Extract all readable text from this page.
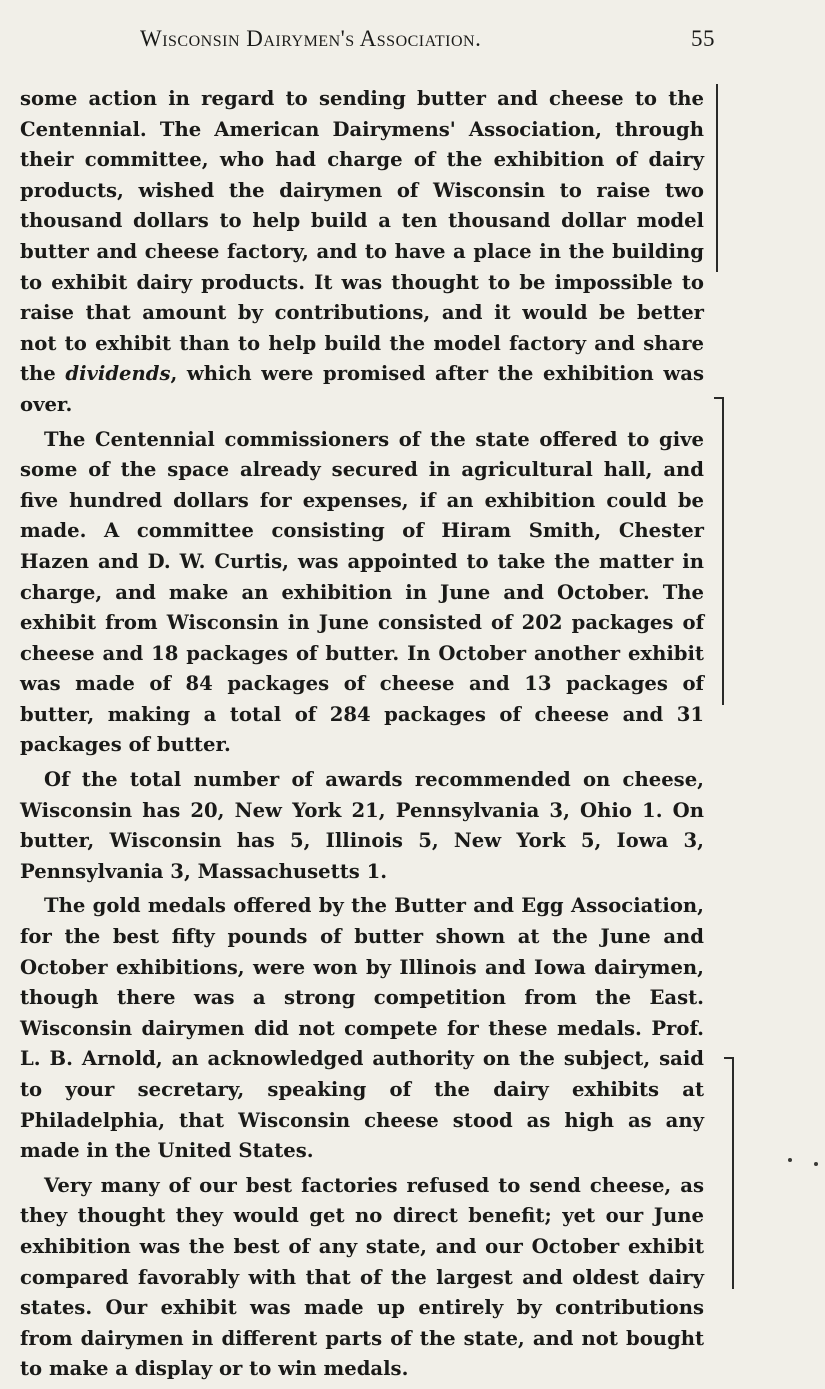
Wisconsin Dairymen's Association.	55

some action in regard to sending butter and cheese to the Centennial. The American Dairymens' Association, through their committee, who had charge of the exhibition of dairy products, wished the dairymen of Wisconsin to raise two thousand dollars to help build a ten thousand dollar model butter and cheese factory, and to have a place in the building to exhibit dairy products. It was thought to be impossible to raise that amount by contributions, and it would be better not to exhibit than to help build the model factory and share the dividends, which were promised after the exhibition was over.

The Centennial commissioners of the state offered to give some of the space already secured in agricultural hall, and five hundred dollars for expenses, if an exhibition could be made. A committee consisting of Hiram Smith, Chester Hazen and D. W. Curtis, was appointed to take the matter in charge, and make an exhibition in June and October. The exhibit from Wisconsin in June consisted of 202 packages of cheese and 18 packages of butter. In October another exhibit was made of 84 packages of cheese and 13 packages of butter, making a total of 284 packages of cheese and 31 packages of butter.

Of the total number of awards recommended on cheese, Wisconsin has 20, New York 21, Pennsylvania 3, Ohio 1. On butter, Wisconsin has 5, Illinois 5, New York 5, Iowa 3, Pennsylvania 3, Massachusetts 1.

The gold medals offered by the Butter and Egg Association, for the best fifty pounds of butter shown at the June and October exhibitions, were won by Illinois and Iowa dairymen, though there was a strong competition from the East. Wisconsin dairymen did not compete for these medals. Prof. L. B. Arnold, an acknowledged authority on the subject, said to your secretary, speaking of the dairy exhibits at Philadelphia, that Wisconsin cheese stood as high as any made in the United States.

Very many of our best factories refused to send cheese, as they thought they would get no direct benefit; yet our June exhibition was the best of any state, and our October exhibit compared favorably with that of the largest and oldest dairy states. Our exhibit was made up entirely by contributions from dairymen in different parts of the state, and not bought to make a display or to win medals.
